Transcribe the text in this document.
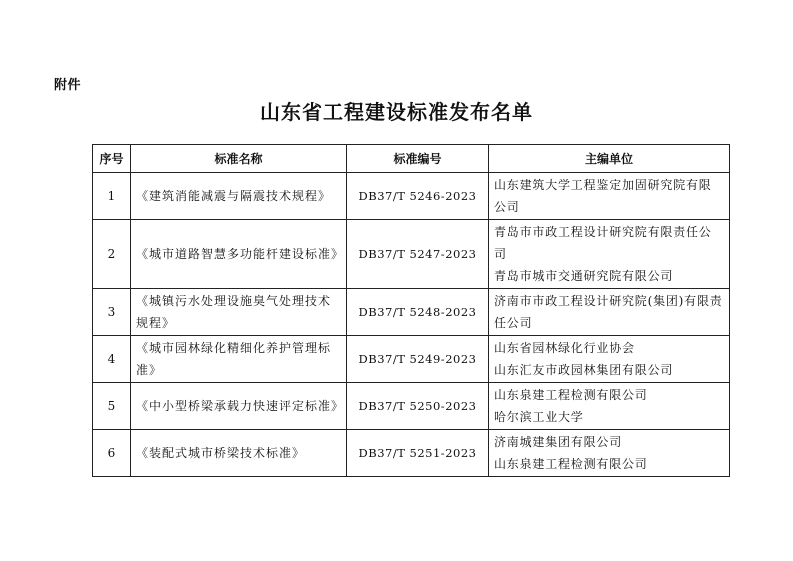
附件
山东省工程建设标准发布名单
序号	标准名称	标准编号	主编单位
1	《建筑消能减震与隔震技术规程》	DB37/T 5246-2023	山东建筑大学工程鉴定加固研究院有限公司

2	《城市道路智慧多功能杆建设标准》	DB37/T 5247-2023	青岛市市政工程设计研究院有限责任公司
青岛市城市交通研究院有限公司

3	《城镇污水处理设施臭气处理技术规程》	DB37/T 5248-2023	济南市市政工程设计研究院(集团)有限责任公司

4	《城市园林绿化精细化养护管理标准》	DB37/T 5249-2023	山东省园林绿化行业协会
山东汇友市政园林集团有限公司

5	《中小型桥梁承载力快速评定标准》	DB37/T 5250-2023	山东泉建工程检测有限公司
哈尔滨工业大学

6	《装配式城市桥梁技术标准》	DB37/T 5251-2023	济南城建集团有限公司
山东泉建工程检测有限公司
